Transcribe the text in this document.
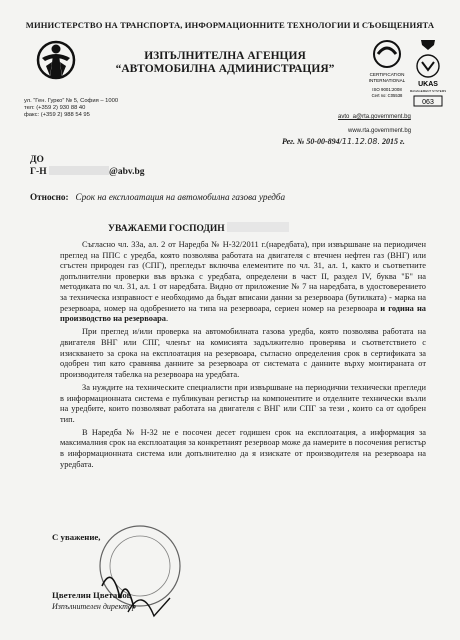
МИНИСТЕРСТВО НА ТРАНСПОРТА, ИНФОРМАЦИОННИТЕ ТЕХНОЛОГИИ И СЪОБЩЕНИЯТА
ИЗПЪЛНИТЕЛНА АГЕНЦИЯ
“АВТОМОБИЛНА АДМИНИСТРАЦИЯ”	CERTIFICATION
INTERNATIONAL
ISO 9001:2008
Cert no: C05538
UKAS
MANAGEMENT SYSTEMS
063
ул. “Ген. Гурко” № 5, София – 1000
тел: (+359 2) 930 88 40
факс: (+359 2) 988 54 95	avto_a@rta.government.bg
www.rta.government.bg
Рег. № 50-00-894/11.12.08. 2015 г.
ДО
Г-Н	@abv.bg
Относно: Срок на експлоатация на автомобилна газова уредба
УВАЖАЕМИ ГОСПОДИН

Съгласно чл. 33а, ал. 2 от Наредба № Н-32/2011 г.(наредбата), при извършване на периодичен преглед на ППС с уредба, която позволява работата на двигателя с втечнен нефтен газ (ВНГ) или сгъстен природен газ (СПГ), прегледът включва елементите по чл. 31, ал. 1, както и съответните допълнителни проверки във връзка с уредбата, определени в част II, раздел IV, буква "Б" на методиката по чл. 31, ал. 1 от наредбата. Видно от приложение № 7 на наредбата, в удостоверението за техническа изправност е необходимо да бъдат вписани данни за резервоара (бутилката) - марка на резервоара, номер на одобрението на типа на резервоара, сериен номер на резервоара и година на производство на резервоара.

При преглед и/или проверка на автомобилната газова уредба, която позволява работата на двигателя ВНГ или СПГ, членът на комисията задължително проверява и съответствието с изискването за срока на експлоатация на резервоара, съгласно определения срок в сертификата за одобрен тип като сравнява данните за резервоара от системата с данните върху монтираната от производителя табелка на резервоара на уредбата.

За нуждите на техническите специалисти при извършване на периодични технически прегледи в информационната система е публикуван регистър на компонентите и отделните технически възли на уредбите, които позволяват работата на двигателя с ВНГ или СПГ за тези , които са от одобрен тип.

В Наредба № Н-32 не е посочен десет годишен срок на експлоатация, а информация за максималния срок на експлоатация за конкретният резервоар може да намерите в посочения регистър в информационната система или допълнително да я изискате от производителя на резервоара на уредбата.

С уважение,
Цветелин Цветанов
Изпълнителен директор
